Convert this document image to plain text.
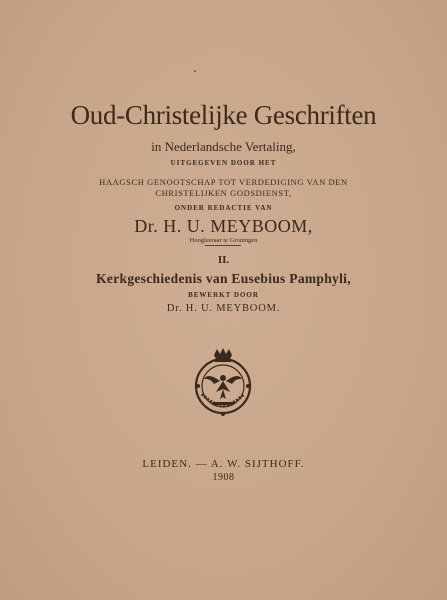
Oud-Christelijke Geschriften
in Nederlandsche Vertaling,
UITGEGEVEN DOOR HET
HAAGSCH GENOOTSCHAP TOT VERDEDIGING VAN DEN
CHRISTELIJKEN GODSDIENST,
ONDER REDACTIE VAN
Dr. H. U. MEYBOOM,
Hoogleeraar te Groningen
II.
Kerkgeschiedenis van Eusebius Pamphyli,
BEWERKT DOOR
Dr. H. U. MEYBOOM.
LEIDEN. — A. W. SIJTHOFF.
1908
